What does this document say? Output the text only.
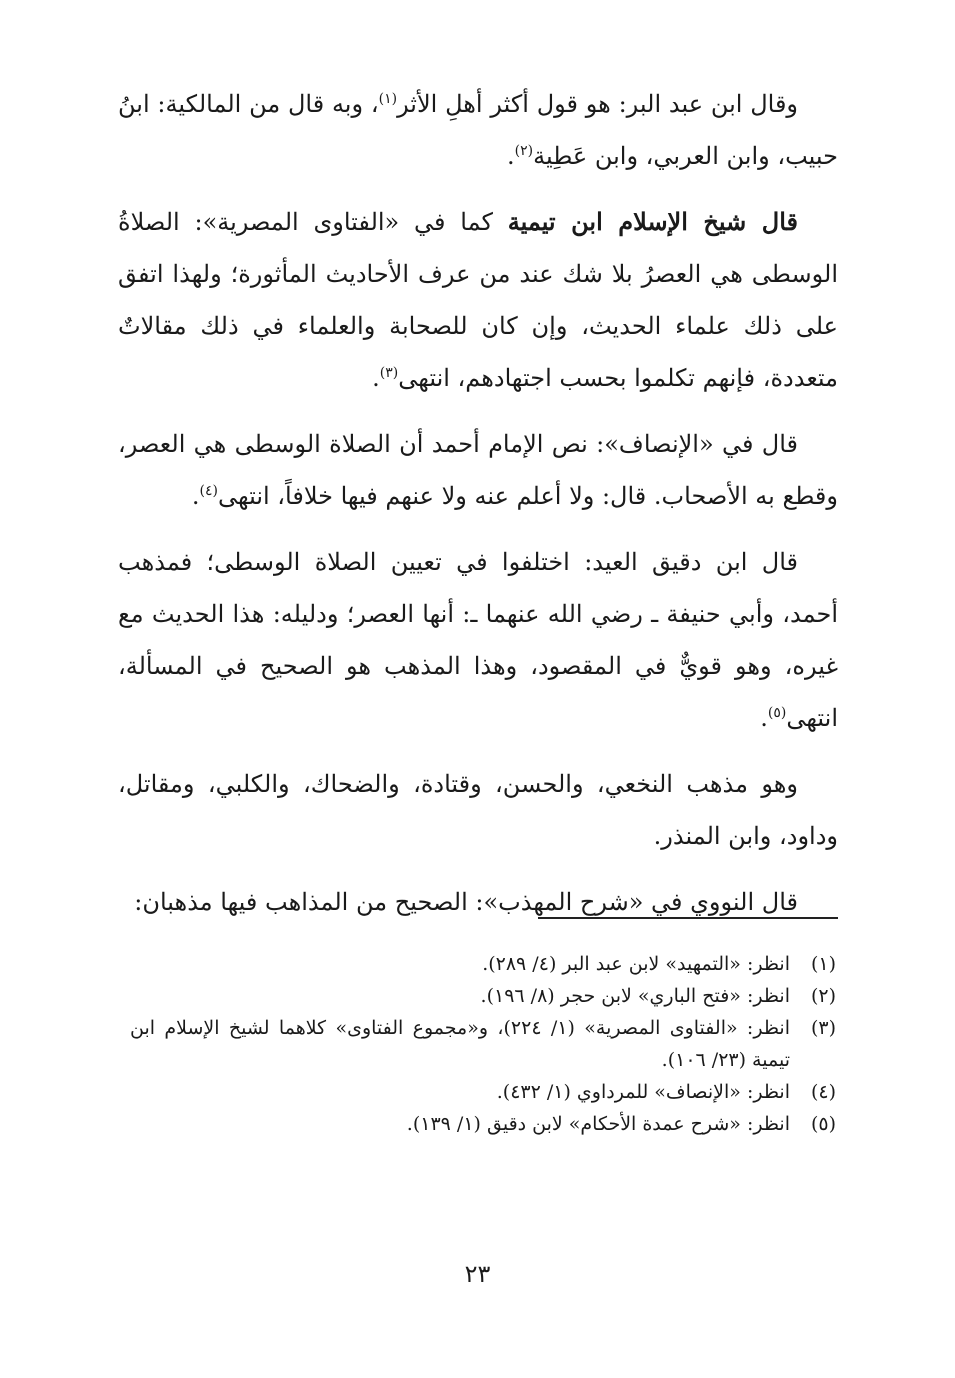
وقال ابن عبد البر: هو قول أكثر أهلِ الأثر$^{(١)}$، وبه قال من المالكية: ابنُ حبيب، وابن العربي، وابن عَطِية$^{(٢)}$.

قال شيخ الإسلام ابن تيمية كما في «الفتاوى المصرية»: الصلاةُ الوسطى هي العصرُ بلا شك عند من عرف الأحاديث المأثورة؛ ولهذا اتفق على ذلك علماء الحديث، وإن كان للصحابة والعلماء في ذلك مقالاتٌ متعددة، فإنهم تكلموا بحسب اجتهادهم، انتهى$^{(٣)}$.

قال في «الإنصاف»: نص الإمام أحمد أن الصلاة الوسطى هي العصر، وقطع به الأصحاب. قال: ولا أعلم عنه ولا عنهم فيها خلافاً، انتهى$^{(٤)}$.

قال ابن دقيق العيد: اختلفوا في تعيين الصلاة الوسطى؛ فمذهب أحمد، وأبي حنيفة ـ رضي الله عنهما ـ: أنها العصر؛ ودليله: هذا الحديث مع غيره، وهو قويٌّ في المقصود، وهذا المذهب هو الصحيح في المسألة، انتهى$^{(٥)}$.

وهو مذهب النخعي، والحسن، وقتادة، والضحاك، والكلبي، ومقاتل، وداود، وابن المنذر.

قال النووي في «شرح المهذب»: الصحيح من المذاهب فيها مذهبان:

(١)
انظر: «التمهيد» لابن عبد البر (٤/ ٢٨٩).
(٢)
انظر: «فتح الباري» لابن حجر (٨/ ١٩٦).
(٣)
انظر: «الفتاوى المصرية» (١/ ٢٢٤)، و«مجموع الفتاوى» كلاهما لشيخ الإسلام ابن تيمية (٢٣/ ١٠٦).
(٤)
انظر: «الإنصاف» للمرداوي (١/ ٤٣٢).
(٥)
انظر: «شرح عمدة الأحكام» لابن دقيق (١/ ١٣٩).
٢٣
